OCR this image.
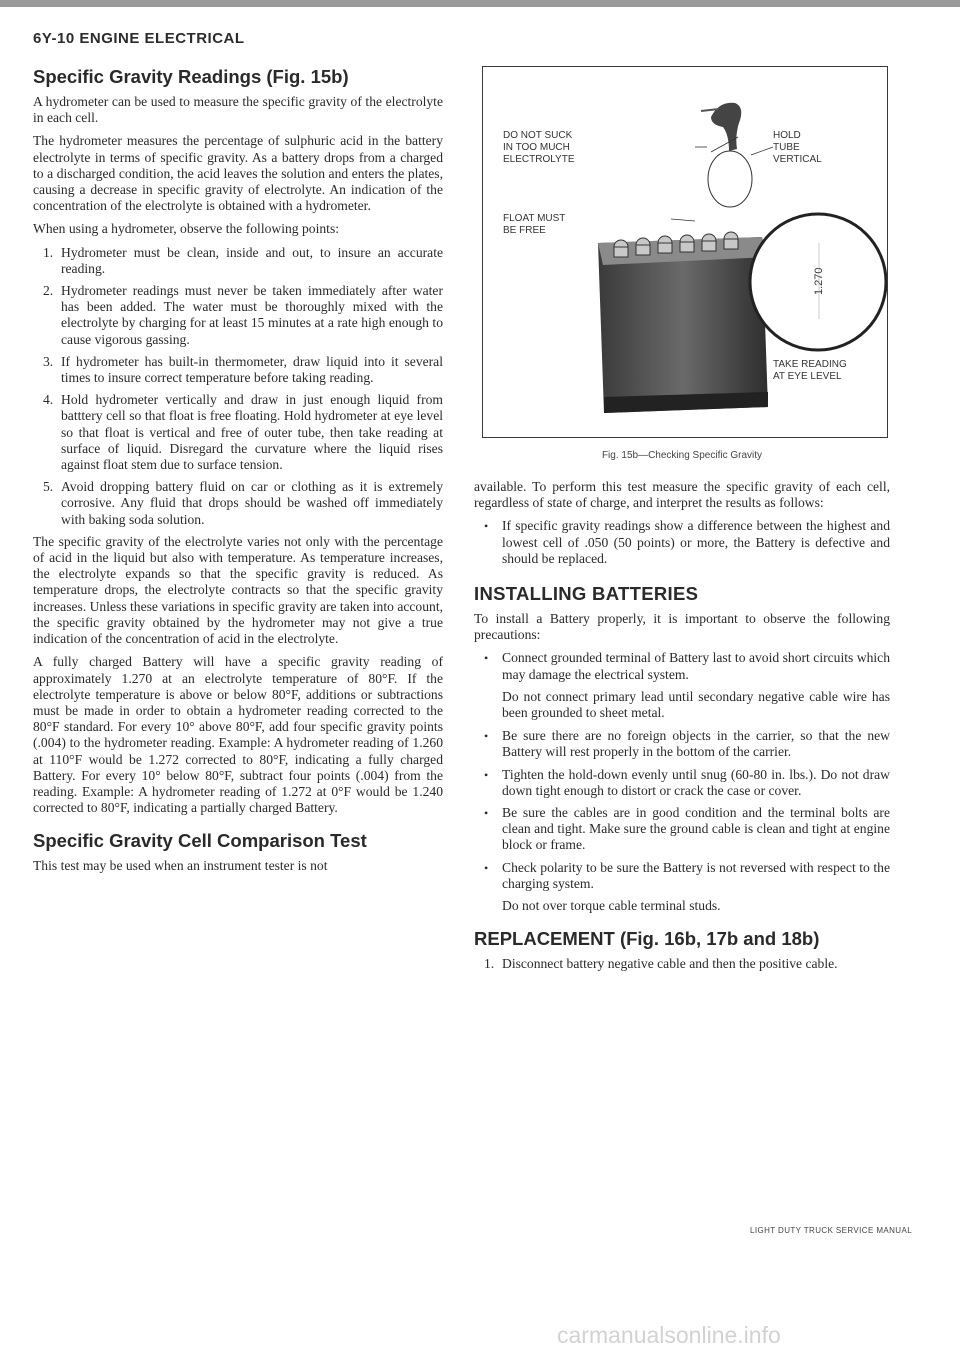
6Y-10 ENGINE ELECTRICAL
Specific Gravity Readings (Fig. 15b)

A hydrometer can be used to measure the specific gravity of the electrolyte in each cell.

The hydrometer measures the percentage of sulphuric acid in the battery electrolyte in terms of specific gravity. As a battery drops from a charged to a discharged condition, the acid leaves the solution and enters the plates, causing a decrease in specific gravity of electrolyte. An indication of the concentration of the electrolyte is obtained with a hydrometer.

When using a hydrometer, observe the following points:

1. Hydrometer must be clean, inside and out, to insure an accurate reading.
2. Hydrometer readings must never be taken immediately after water has been added. The water must be thoroughly mixed with the electrolyte by charging for at least 15 minutes at a rate high enough to cause vigorous gassing.
3. If hydrometer has built-in thermometer, draw liquid into it several times to insure correct temperature before taking reading.
4. Hold hydrometer vertically and draw in just enough liquid from batttery cell so that float is free floating. Hold hydrometer at eye level so that float is vertical and free of outer tube, then take reading at surface of liquid. Disregard the curvature where the liquid rises against float stem due to surface tension.
5. Avoid dropping battery fluid on car or clothing as it is extremely corrosive. Any fluid that drops should be washed off immediately with baking soda solution.

The specific gravity of the electrolyte varies not only with the percentage of acid in the liquid but also with temperature. As temperature increases, the electrolyte expands so that the specific gravity is reduced. As temperature drops, the electrolyte contracts so that the specific gravity increases. Unless these variations in specific gravity are taken into account, the specific gravity obtained by the hydrometer may not give a true indication of the concentration of acid in the electrolyte.

A fully charged Battery will have a specific gravity reading of approximately 1.270 at an electrolyte temperature of 80°F. If the electrolyte temperature is above or below 80°F, additions or subtractions must be made in order to obtain a hydrometer reading corrected to the 80°F standard. For every 10° above 80°F, add four specific gravity points (.004) to the hydrometer reading. Example: A hydrometer reading of 1.260 at 110°F would be 1.272 corrected to 80°F, indicating a fully charged Battery. For every 10° below 80°F, subtract four points (.004) from the reading. Example: A hydrometer reading of 1.272 at 0°F would be 1.240 corrected to 80°F, indicating a partially charged Battery.

Specific Gravity Cell Comparison Test

This test may be used when an instrument tester is not

1.270
DO NOT SUCK
IN TOO MUCH
ELECTROLYTE
HOLD
TUBE
VERTICAL
FLOAT MUST
BE FREE
TAKE READING
AT EYE LEVEL
Fig. 15b—Checking Specific Gravity

available. To perform this test measure the specific gravity of each cell, regardless of state of charge, and interpret the results as follows:

• If specific gravity readings show a difference between the highest and lowest cell of .050 (50 points) or more, the Battery is defective and should be replaced.
INSTALLING BATTERIES

To install a Battery properly, it is important to observe the following precautions:

• Connect grounded terminal of Battery last to avoid short circuits which may damage the electrical system.

Do not connect primary lead until secondary negative cable wire has been grounded to sheet metal.

• Be sure there are no foreign objects in the carrier, so that the new Battery will rest properly in the bottom of the carrier.
• Tighten the hold-down evenly until snug (60-80 in. lbs.). Do not draw down tight enough to distort or crack the case or cover.
• Be sure the cables are in good condition and the terminal bolts are clean and tight. Make sure the ground cable is clean and tight at engine block or frame.
• Check polarity to be sure the Battery is not reversed with respect to the charging system.

Do not over torque cable terminal studs.

REPLACEMENT (Fig. 16b, 17b and 18b)
1. Disconnect battery negative cable and then the positive cable.
LIGHT DUTY TRUCK SERVICE MANUAL
carmanualsonline.info
